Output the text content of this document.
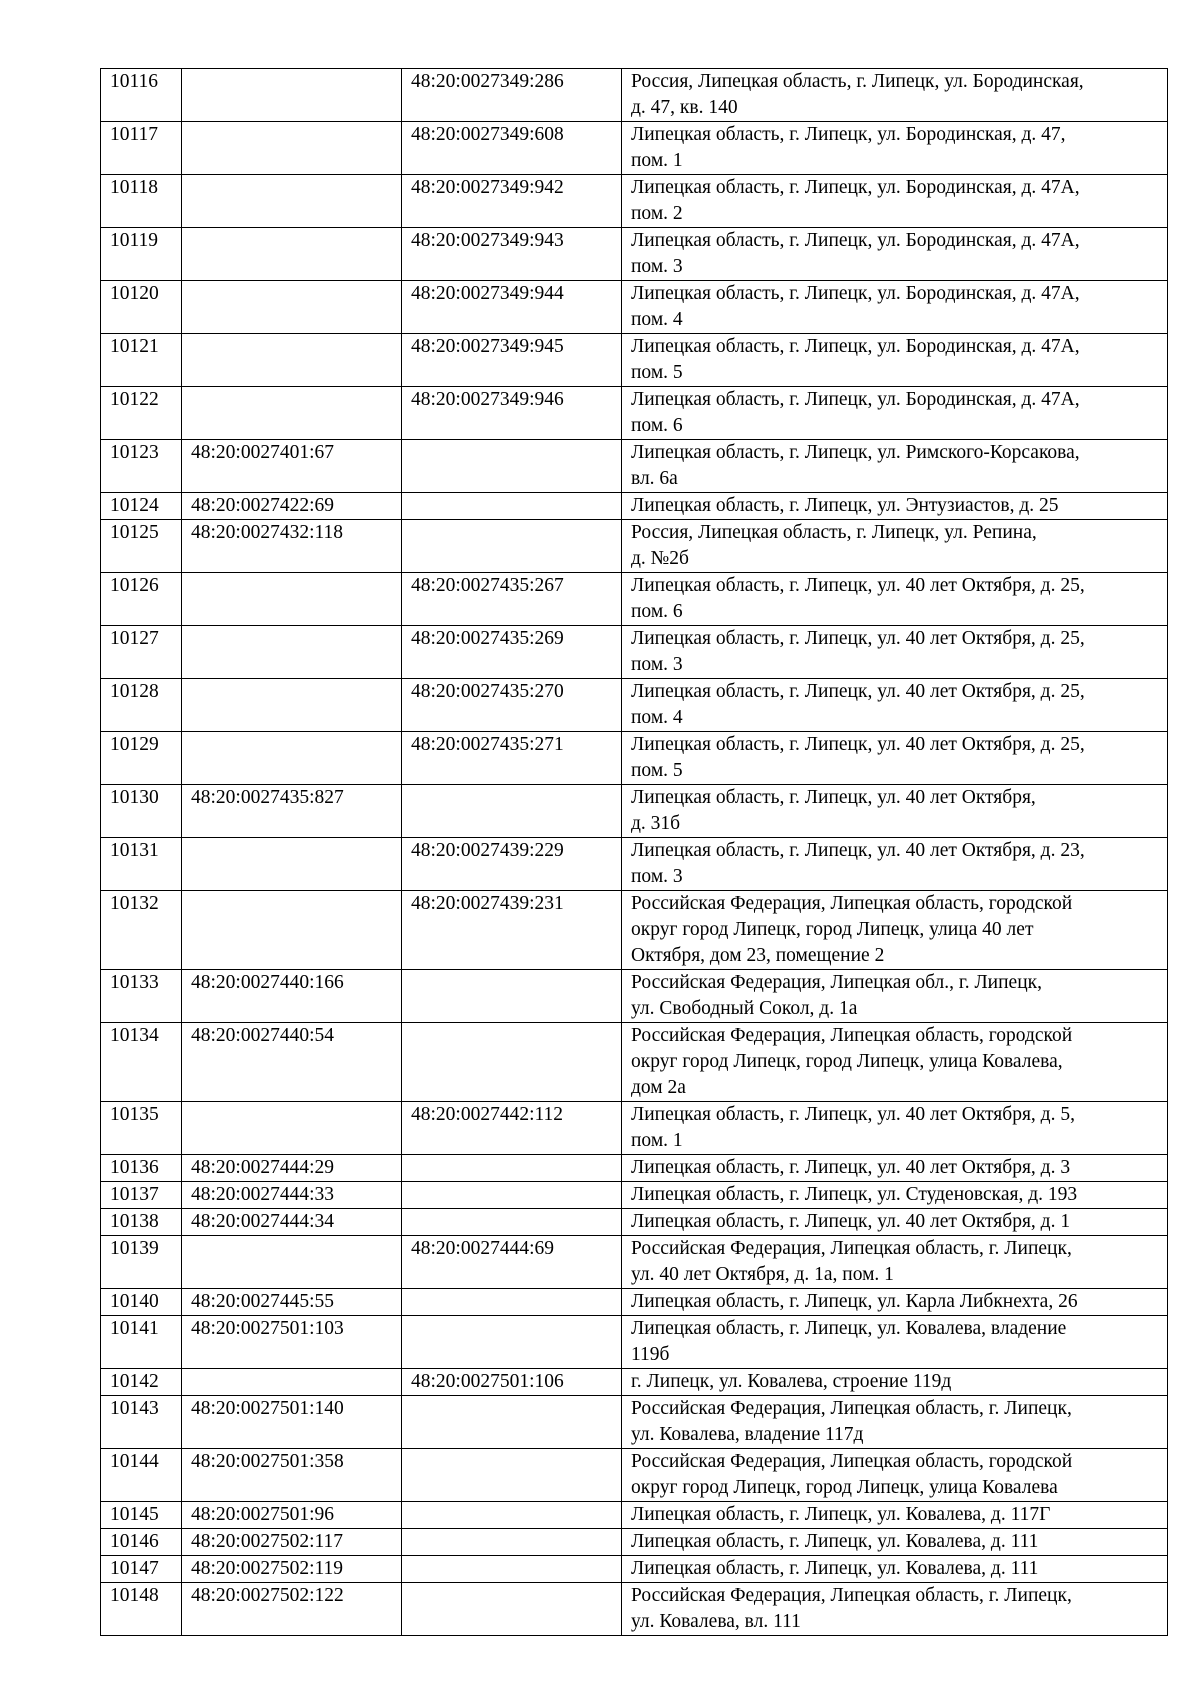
10116		48:20:0027349:286	Россия, Липецкая область, г. Липецк, ул. Бородинская,
д. 47, кв. 140

10117		48:20:0027349:608	Липецкая область, г. Липецк, ул. Бородинская, д. 47,
пом. 1

10118		48:20:0027349:942	Липецкая область, г. Липецк, ул. Бородинская, д. 47А,
пом. 2

10119		48:20:0027349:943	Липецкая область, г. Липецк, ул. Бородинская, д. 47А,
пом. 3

10120		48:20:0027349:944	Липецкая область, г. Липецк, ул. Бородинская, д. 47А,
пом. 4

10121		48:20:0027349:945	Липецкая область, г. Липецк, ул. Бородинская, д. 47А,
пом. 5

10122		48:20:0027349:946	Липецкая область, г. Липецк, ул. Бородинская, д. 47А,
пом. 6

10123	48:20:0027401:67		Липецкая область, г. Липецк, ул. Римского-Корсакова,
вл. 6а

10124	48:20:0027422:69		Липецкая область, г. Липецк, ул. Энтузиастов, д. 25

10125	48:20:0027432:118		Россия, Липецкая область, г. Липецк, ул. Репина,
д. №2б

10126		48:20:0027435:267	Липецкая область, г. Липецк, ул. 40 лет Октября, д. 25,
пом. 6

10127		48:20:0027435:269	Липецкая область, г. Липецк, ул. 40 лет Октября, д. 25,
пом. 3

10128		48:20:0027435:270	Липецкая область, г. Липецк, ул. 40 лет Октября, д. 25,
пом. 4

10129		48:20:0027435:271	Липецкая область, г. Липецк, ул. 40 лет Октября, д. 25,
пом. 5

10130	48:20:0027435:827		Липецкая область, г. Липецк, ул. 40 лет Октября,
д. 31б

10131		48:20:0027439:229	Липецкая область, г. Липецк, ул. 40 лет Октября, д. 23,
пом. 3

10132		48:20:0027439:231	Российская Федерация, Липецкая область, городской
округ город Липецк, город Липецк, улица 40 лет
Октября, дом 23, помещение 2

10133	48:20:0027440:166		Российская Федерация, Липецкая обл., г. Липецк,
ул. Свободный Сокол, д. 1а

10134	48:20:0027440:54		Российская Федерация, Липецкая область, городской
округ город Липецк, город Липецк, улица Ковалева,
дом 2а

10135		48:20:0027442:112	Липецкая область, г. Липецк, ул. 40 лет Октября, д. 5,
пом. 1

10136	48:20:0027444:29		Липецкая область, г. Липецк, ул. 40 лет Октября, д. 3

10137	48:20:0027444:33		Липецкая область, г. Липецк, ул. Студеновская, д. 193

10138	48:20:0027444:34		Липецкая область, г. Липецк, ул. 40 лет Октября, д. 1

10139		48:20:0027444:69	Российская Федерация, Липецкая область, г. Липецк,
ул. 40 лет Октября, д. 1а, пом. 1

10140	48:20:0027445:55		Липецкая область, г. Липецк, ул. Карла Либкнехта, 26

10141	48:20:0027501:103		Липецкая область, г. Липецк, ул. Ковалева, владение
119б

10142		48:20:0027501:106	г. Липецк, ул. Ковалева, строение 119д

10143	48:20:0027501:140		Российская Федерация, Липецкая область, г. Липецк,
ул. Ковалева, владение 117д

10144	48:20:0027501:358		Российская Федерация, Липецкая область, городской
округ город Липецк, город Липецк, улица Ковалева

10145	48:20:0027501:96		Липецкая область, г. Липецк, ул. Ковалева, д. 117Г

10146	48:20:0027502:117		Липецкая область, г. Липецк, ул. Ковалева, д. 111

10147	48:20:0027502:119		Липецкая область, г. Липецк, ул. Ковалева, д. 111

10148	48:20:0027502:122		Российская Федерация, Липецкая область, г. Липецк,
ул. Ковалева, вл. 111
